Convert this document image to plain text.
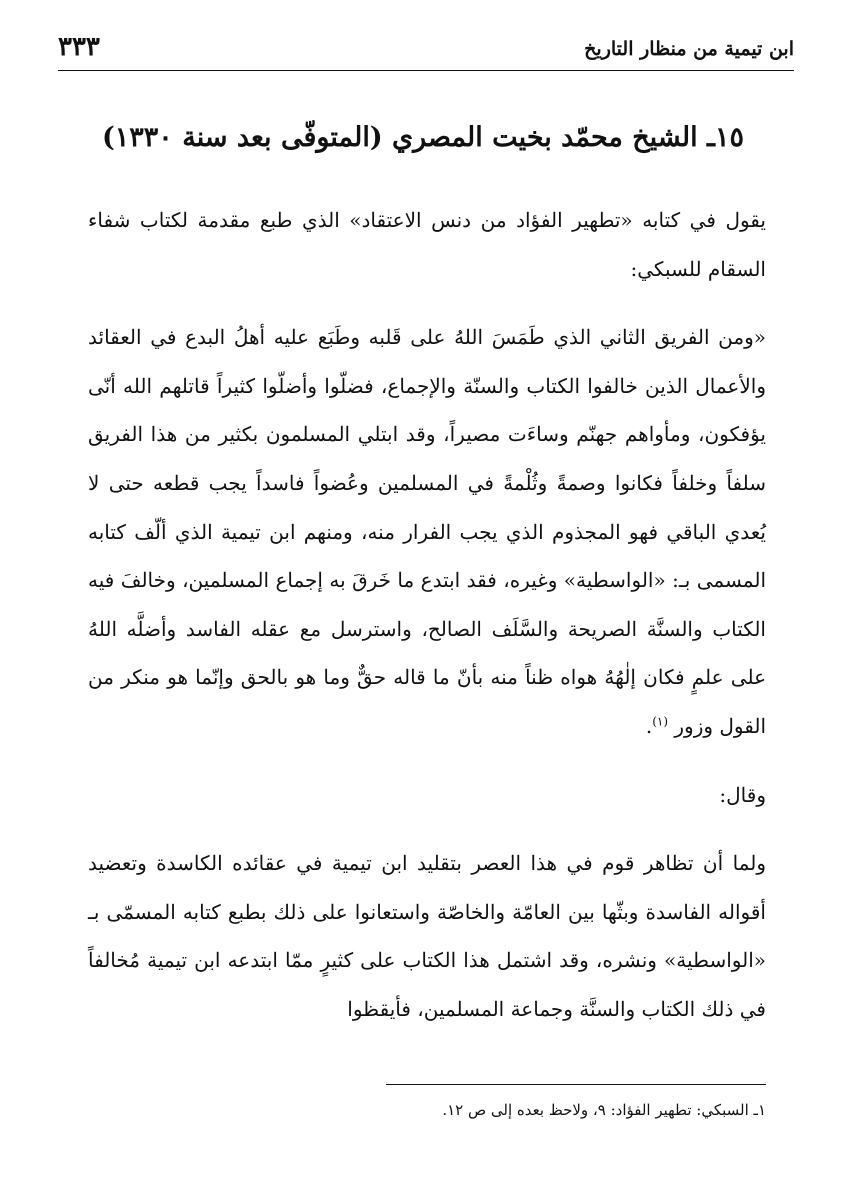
ابن تيمية من منظار التاريخ
٣٣٣
١٥ـ الشيخ محمّد بخيت المصري (المتوفّى بعد سنة ١٣٣٠)

يقول في كتابه «تطهير الفؤاد من دنس الاعتقاد» الذي طبع مقدمة لكتاب شفاء السقام للسبكي:

«ومن الفريق الثاني الذي طَمَسَ اللهُ على قَلبه وطَبَع عليه أهلُ البدع في العقائد والأعمال الذين خالفوا الكتاب والسنّة والإجماع، فضلّوا وأضلّوا كثيراً قاتلهم الله أنّى يؤفكون، ومأواهم جهنّم وساءَت مصيراً، وقد ابتلي المسلمون بكثير من هذا الفريق سلفاً وخلفاً فكانوا وصمةً وثُلْمةً في المسلمين وعُضواً فاسداً يجب قطعه حتى لا يُعدي الباقي فهو المجذوم الذي يجب الفرار منه، ومنهم ابن تيمية الذي ألّف كتابه المسمى بـ: «الواسطية» وغيره، فقد ابتدع ما خَرقَ به إجماع المسلمين، وخالفَ فيه الكتاب والسنَّة الصريحة والسَّلَف الصالح، واسترسل مع عقله الفاسد وأضلَّه اللهُ على علمٍ فكان إلٰهُهُ هواه ظناً منه بأنّ ما قاله حقٌّ وما هو بالحق وإنّما هو منكر من القول وزور $^{(١)}$.

وقال:

ولما أن تظاهر قوم في هذا العصر بتقليد ابن تيمية في عقائده الكاسدة وتعضيد أقواله الفاسدة وبثّها بين العامّة والخاصّة واستعانوا على ذلك بطبع كتابه المسمّى بـ «الواسطية» ونشره، وقد اشتمل هذا الكتاب على كثيرٍ ممّا ابتدعه ابن تيمية مُخالفاً في ذلك الكتاب والسنَّة وجماعة المسلمين، فأيقظوا

١ـ السبكي: تطهير الفؤاد: ٩، ولاحظ بعده إلى ص ١٢.
